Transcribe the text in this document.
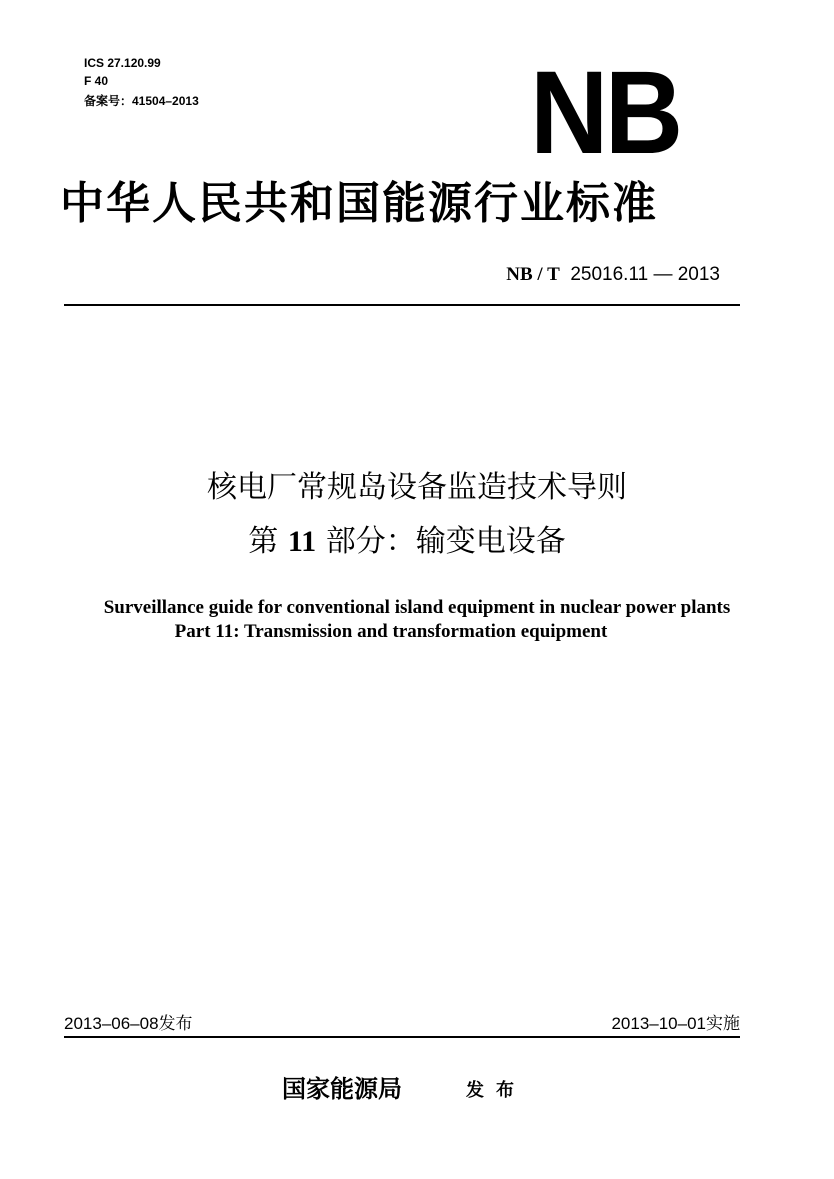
ICS 27.120.99
F 40
备案号：41504–2013	NB
中华人民共和国能源行业标准
NB / T 25016.11 — 2013
核电厂常规岛设备监造技术导则
第 11 部分：输变电设备
Surveillance guide for conventional island equipment in nuclear power plants
Part 11: Transmission and transformation equipment
2013–06–08发布	2013–10–01实施
国家能源局	发布
